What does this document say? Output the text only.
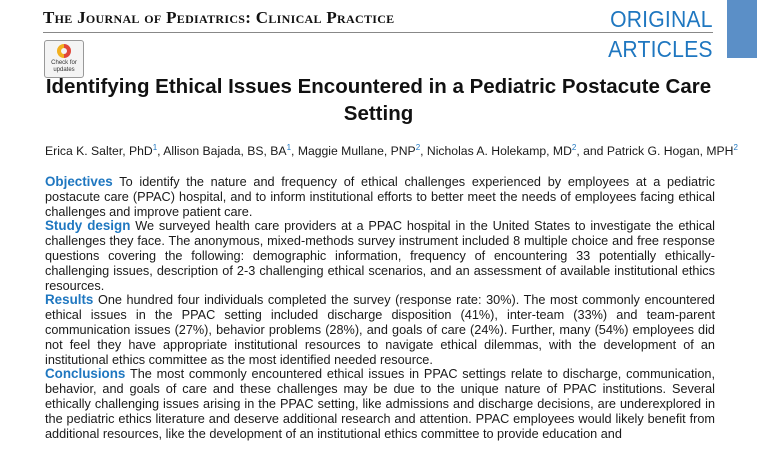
The Journal of Pediatrics: Clinical Practice	ORIGINAL
ARTICLES
Check for
updates
Identifying Ethical Issues Encountered in a Pediatric Postacute Care
Setting
Erica K. Salter, PhD$^1$, Allison Bajada, BS, $BA^1$, Maggie Mullane, PNP$^2$, Nicholas A. Holekamp, $MD^2$, and Patrick G. Hogan, MPH$^2$

Objectives To identify the nature and frequency of ethical challenges experienced by employees at a pediatric postacute care (PPAC) hospital, and to inform institutional efforts to better meet the needs of employees facing ethical challenges and improve patient care.

Study design We surveyed health care providers at a PPAC hospital in the United States to investigate the ethical challenges they face. The anonymous, mixed-methods survey instrument included 8 multiple choice and free response questions covering the following: demographic information, frequency of encountering 33 potentially ethically-challenging issues, description of 2-3 challenging ethical scenarios, and an assessment of available institutional ethics resources.

Results One hundred four individuals completed the survey (response rate: 30%). The most commonly encountered ethical issues in the PPAC setting included discharge disposition (41%), inter-team (33%) and team-parent communication issues (27%), behavior problems (28%), and goals of care (24%). Further, many (54%) employees did not feel they have appropriate institutional resources to navigate ethical dilemmas, with the development of an institutional ethics committee as the most identified needed resource.

Conclusions The most commonly encountered ethical issues in PPAC settings relate to discharge, communication, behavior, and goals of care and these challenges may be due to the unique nature of PPAC institutions. Several ethically challenging issues arising in the PPAC setting, like admissions and discharge decisions, are underexplored in the pediatric ethics literature and deserve additional research and attention. PPAC employees would likely benefit from additional resources, like the development of an institutional ethics committee to provide education and
